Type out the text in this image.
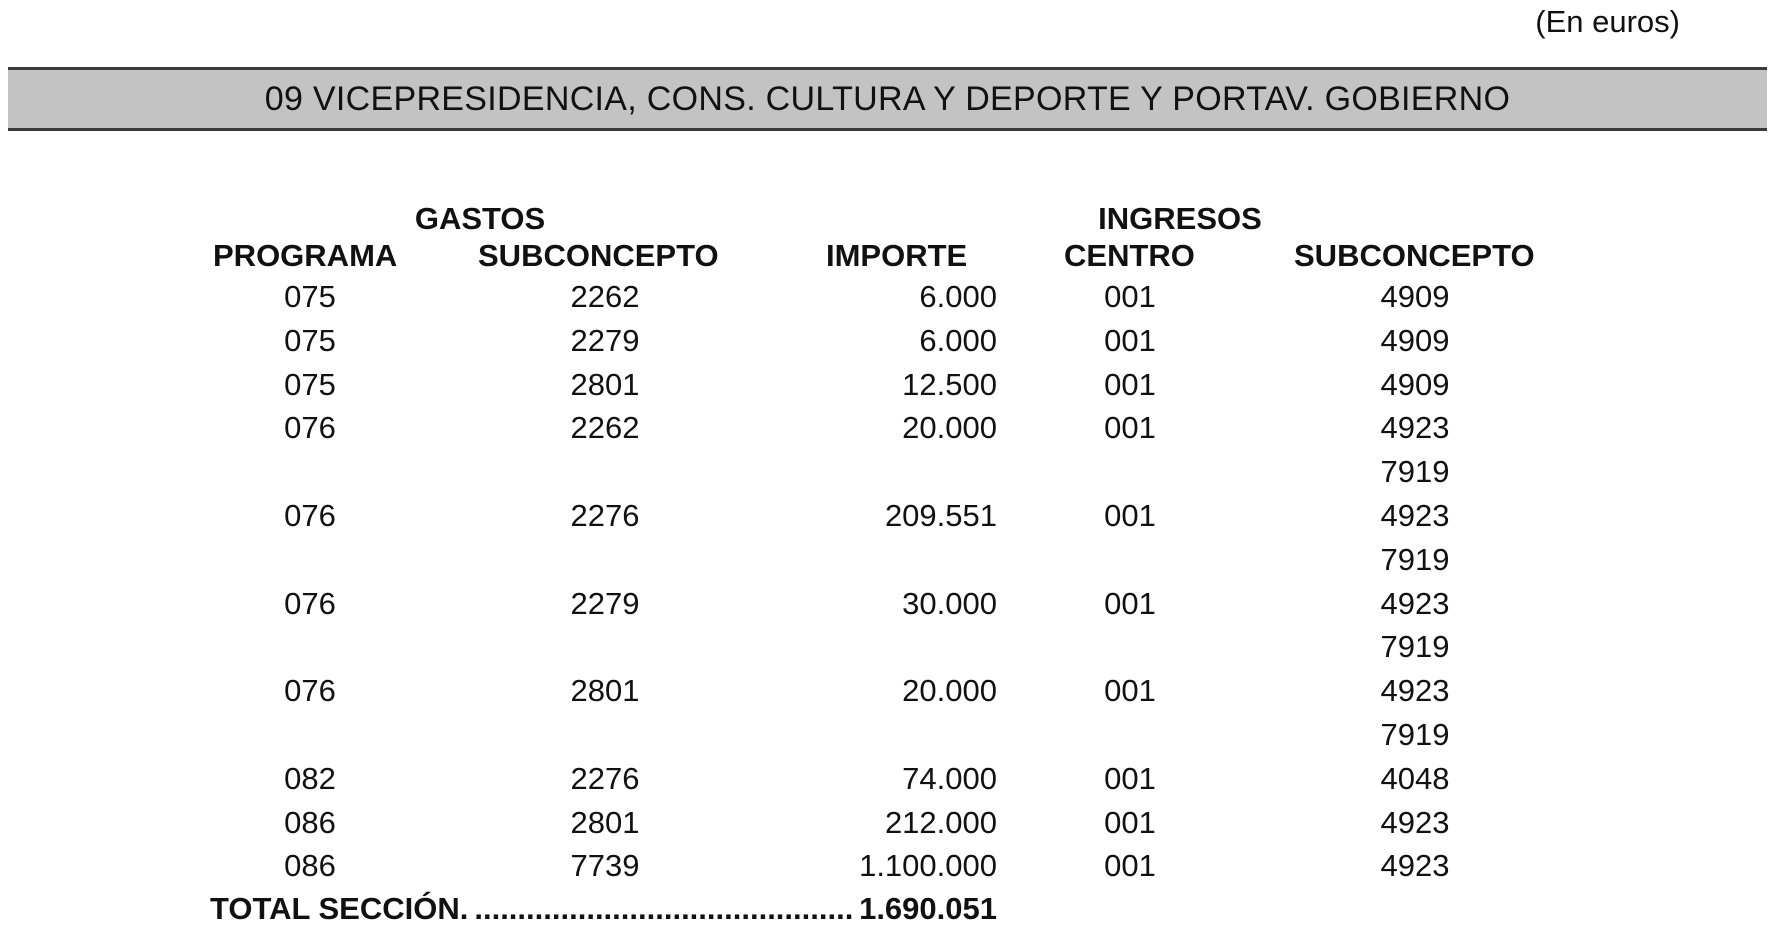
(En euros)
09 VICEPRESIDENCIA, CONS. CULTURA Y DEPORTE Y PORTAV. GOBIERNO
GASTOS	INGRESOS
PROGRAMA	SUBCONCEPTO	IMPORTE	CENTRO	SUBCONCEPTO
075	2262	6.000	001	4909
075	2279	6.000	001	4909
075	2801	12.500	001	4909
076	2262	20.000	001	4923
7919
076	2276	209.551	001	4923
7919
076	2279	30.000	001	4923
7919
076	2801	20.000	001	4923
7919
082	2276	74.000	001	4048
086	2801	212.000	001	4923
086	7739	1.100.000	001	4923
TOTAL SECCIÓN.
.....	1.690.051
